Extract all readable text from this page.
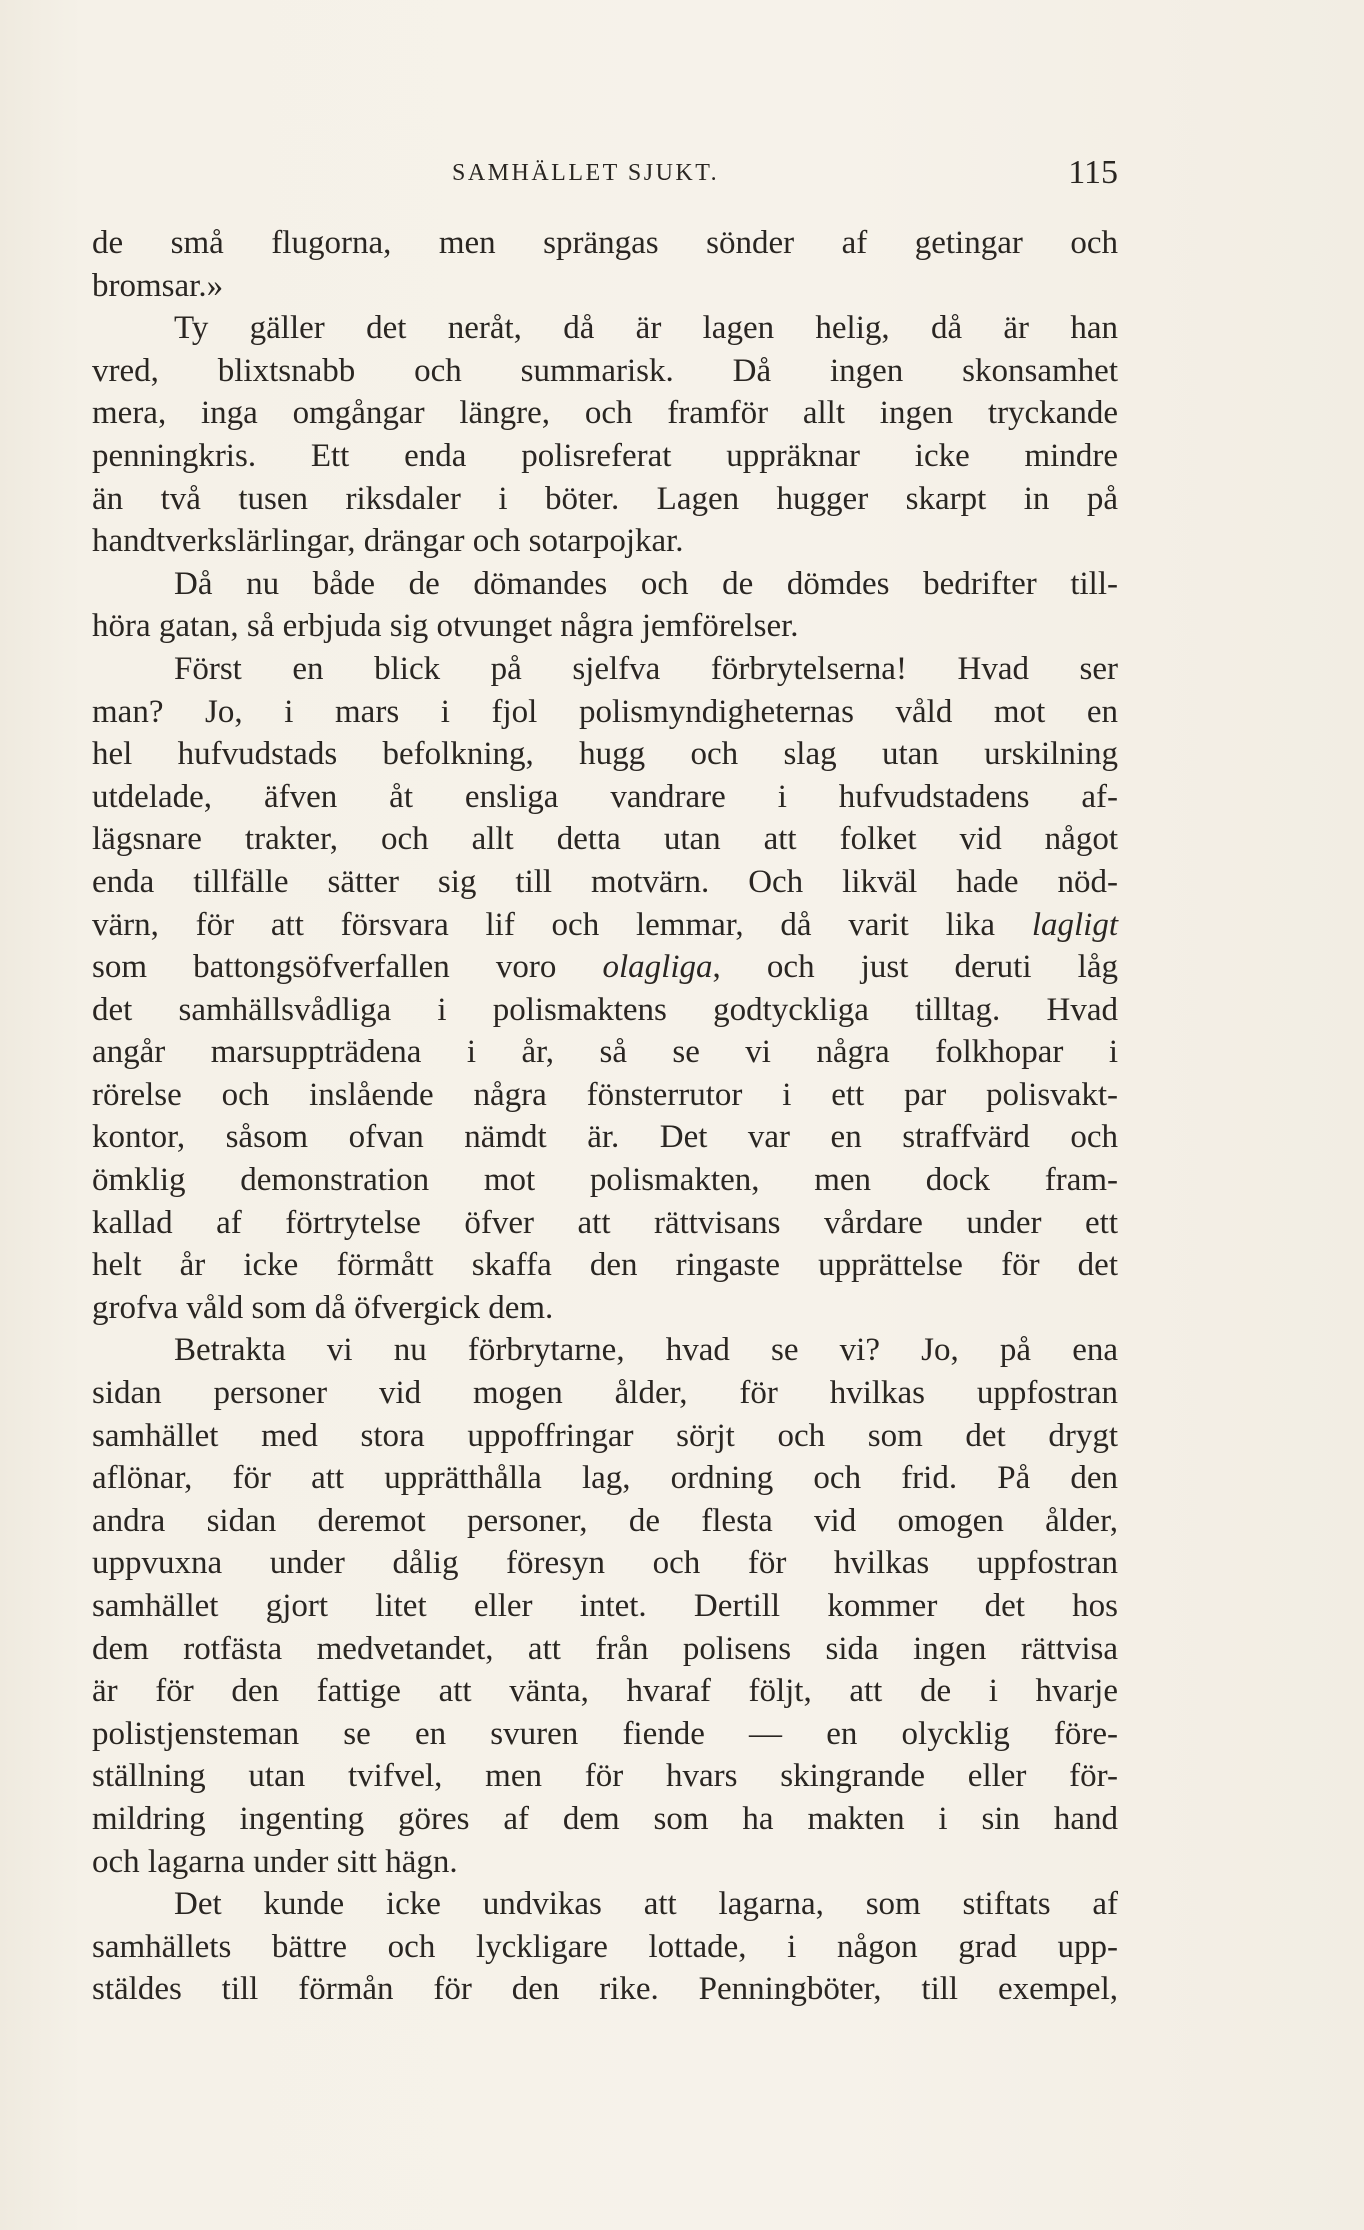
SAMHÄLLET SJUKT.	115
de små flugorna, men sprängas sönder af getingar och
bromsar.»
Ty gäller det neråt, då är lagen helig, då är han
vred, blixtsnabb och summarisk. Då ingen skonsamhet
mera, inga omgångar längre, och framför allt ingen tryckande
penningkris. Ett enda polisreferat uppräknar icke mindre
än två tusen riksdaler i böter. Lagen hugger skarpt in på
handtverkslärlingar, drängar och sotarpojkar.
Då nu både de dömandes och de dömdes bedrifter till-
höra gatan, så erbjuda sig otvunget några jemförelser.
Först en blick på sjelfva förbrytelserna! Hvad ser
man? Jo, i mars i fjol polismyndigheternas våld mot en
hel hufvudstads befolkning, hugg och slag utan urskilning
utdelade, äfven åt ensliga vandrare i hufvudstadens af-
lägsnare trakter, och allt detta utan att folket vid något
enda tillfälle sätter sig till motvärn. Och likväl hade nöd-
värn, för att försvara lif och lemmar, då varit lika lagligt
som battongsöfverfallen voro olagliga, och just deruti låg
det samhällsvådliga i polismaktens godtyckliga tilltag. Hvad
angår marsuppträdena i år, så se vi några folkhopar i
rörelse och inslående några fönsterrutor i ett par polisvakt-
kontor, såsom ofvan nämdt är. Det var en straffvärd och
ömklig demonstration mot polismakten, men dock fram-
kallad af förtrytelse öfver att rättvisans vårdare under ett
helt år icke förmått skaffa den ringaste upprättelse för det
grofva våld som då öfvergick dem.
Betrakta vi nu förbrytarne, hvad se vi? Jo, på ena
sidan personer vid mogen ålder, för hvilkas uppfostran
samhället med stora uppoffringar sörjt och som det drygt
aflönar, för att upprätthålla lag, ordning och frid. På den
andra sidan deremot personer, de flesta vid omogen ålder,
uppvuxna under dålig föresyn och för hvilkas uppfostran
samhället gjort litet eller intet. Dertill kommer det hos
dem rotfästa medvetandet, att från polisens sida ingen rättvisa
är för den fattige att vänta, hvaraf följt, att de i hvarje
polistjensteman se en svuren fiende — en olycklig före-
ställning utan tvifvel, men för hvars skingrande eller för-
mildring ingenting göres af dem som ha makten i sin hand
och lagarna under sitt hägn.
Det kunde icke undvikas att lagarna, som stiftats af
samhällets bättre och lyckligare lottade, i någon grad upp-
stäldes till förmån för den rike. Penningböter, till exempel,
